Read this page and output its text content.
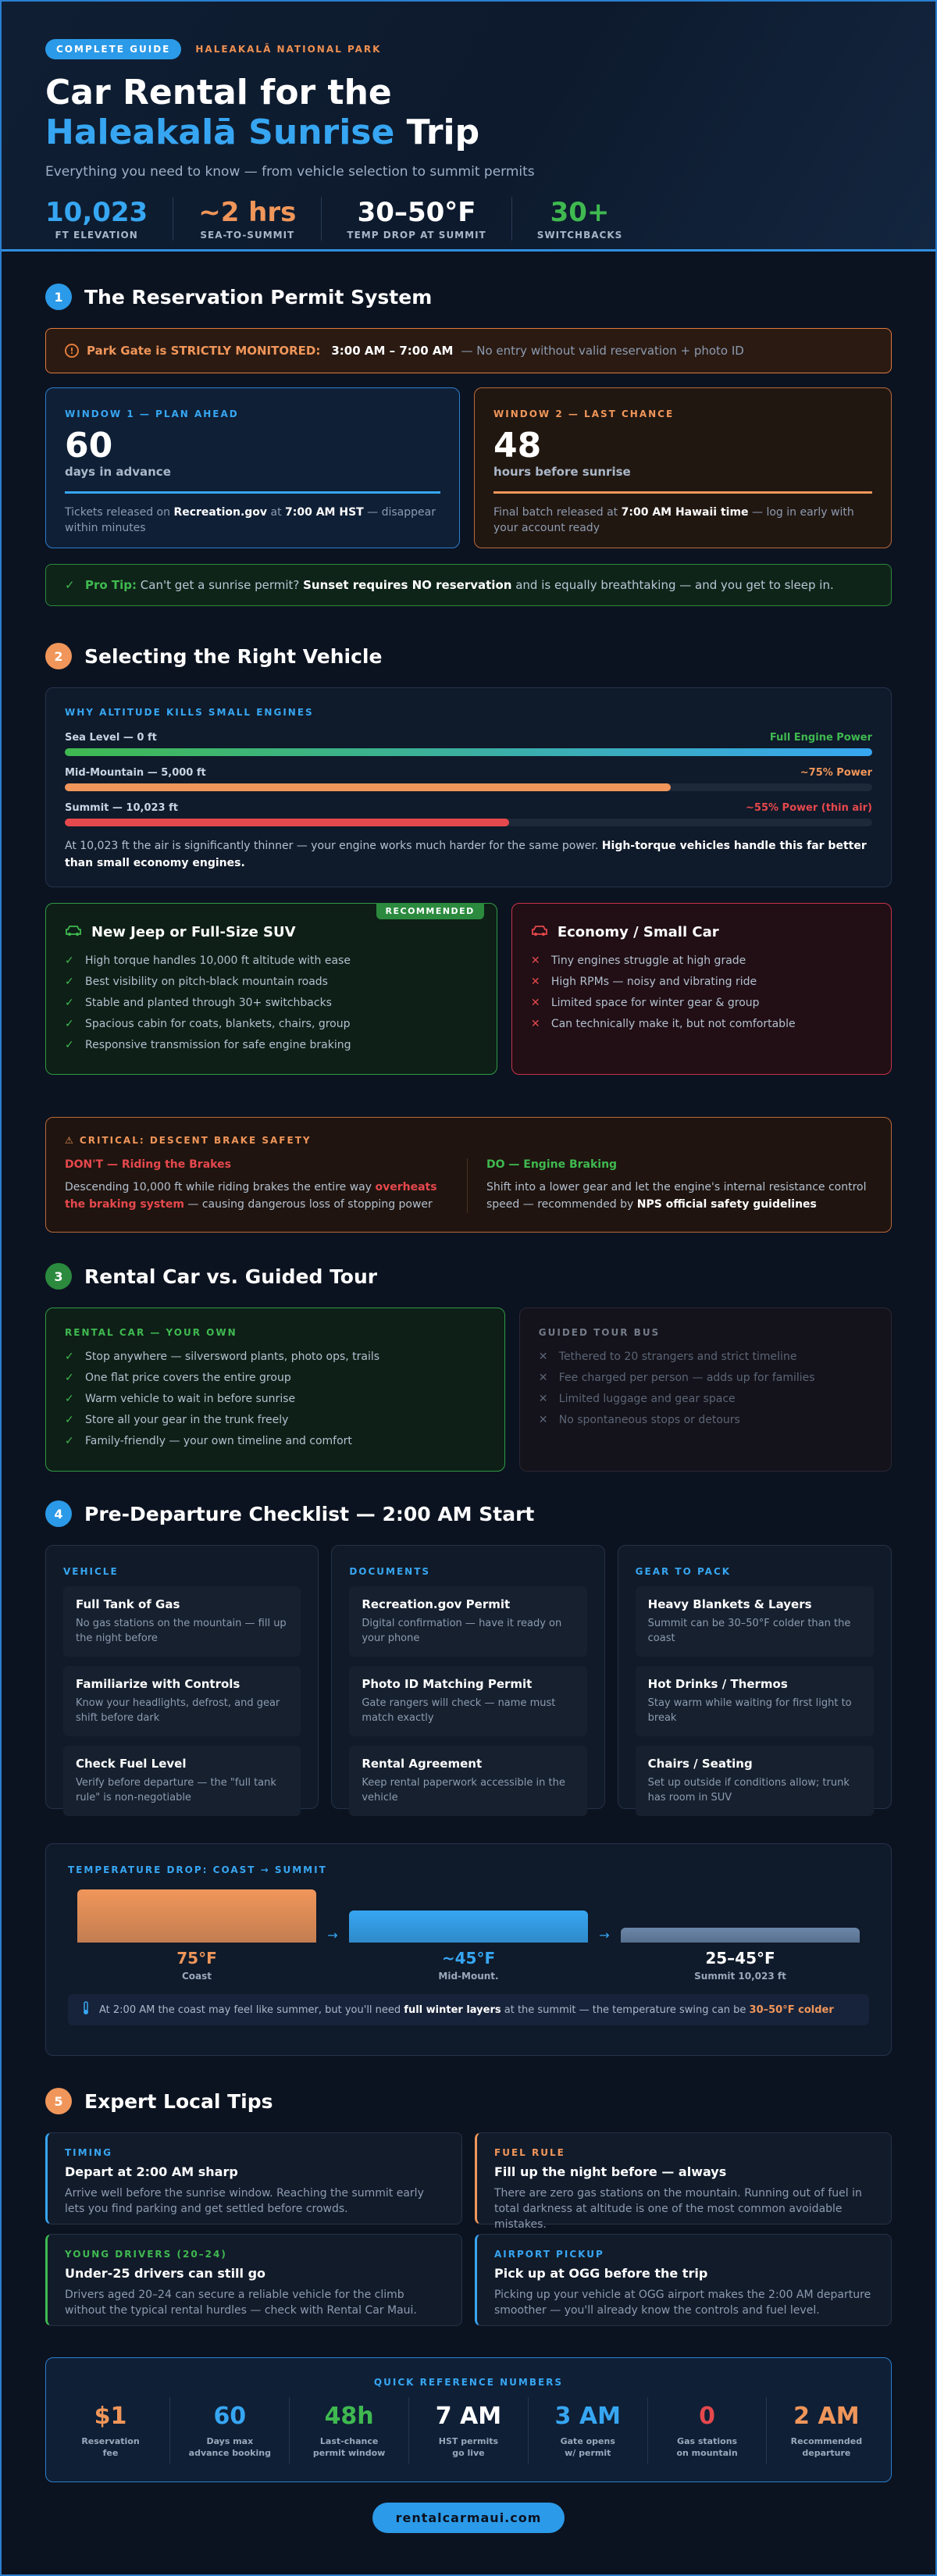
COMPLETE GUIDE	HALEAKALĀ NATIONAL PARK
Car Rental for the
Haleakalā Sunrise Trip
Everything you need to know — from vehicle selection to summit permits
10,023
FT ELEVATION
~2 hrs
SEA-TO-SUMMIT
30–50°F
TEMP DROP AT SUMMIT
30+
SWITCHBACKS
1	The Reservation Permit System
!	Park Gate is STRICTLY MONITORED: 3:00 AM – 7:00 AM — No entry without valid reservation + photo ID
WINDOW 1 — PLAN AHEAD
60
days in advance
Tickets released on Recreation.gov at 7:00 AM HST — disappear within minutes
WINDOW 2 — LAST CHANCE
48
hours before sunrise
Final batch released at 7:00 AM Hawaii time — log in early with your account ready
✓ Pro Tip: Can't get a sunrise permit? Sunset requires NO reservation and is equally breathtaking — and you get to sleep in.
2	Selecting the Right Vehicle
WHY ALTITUDE KILLS SMALL ENGINES
Sea Level — 0 ft	Full Engine Power
Mid-Mountain — 5,000 ft	~75% Power
Summit — 10,023 ft	~55% Power (thin air)
At 10,023 ft the air is significantly thinner — your engine works much harder for the same power. High-torque vehicles handle this far better than small economy engines.
RECOMMENDED
New Jeep or Full-Size SUV
✓ High torque handles 10,000 ft altitude with ease
✓ Best visibility on pitch-black mountain roads
✓ Stable and planted through 30+ switchbacks
✓ Spacious cabin for coats, blankets, chairs, group
✓ Responsive transmission for safe engine braking
Economy / Small Car
✕ Tiny engines struggle at high grade
✕ High RPMs — noisy and vibrating ride
✕ Limited space for winter gear & group
✕ Can technically make it, but not comfortable
⚠ CRITICAL: DESCENT BRAKE SAFETY
DON'T — Riding the Brakes
Descending 10,000 ft while riding brakes the entire way overheats the braking system — causing dangerous loss of stopping power
DO — Engine Braking
Shift into a lower gear and let the engine's internal resistance control speed — recommended by NPS official safety guidelines
3	Rental Car vs. Guided Tour
RENTAL CAR — YOUR OWN
✓ Stop anywhere — silversword plants, photo ops, trails
✓ One flat price covers the entire group
✓ Warm vehicle to wait in before sunrise
✓ Store all your gear in the trunk freely
✓ Family-friendly — your own timeline and comfort
GUIDED TOUR BUS
✕ Tethered to 20 strangers and strict timeline
✕ Fee charged per person — adds up for families
✕ Limited luggage and gear space
✕ No spontaneous stops or detours
4	Pre-Departure Checklist — 2:00 AM Start
VEHICLE
Full Tank of Gas
No gas stations on the mountain — fill up the night before
Familiarize with Controls
Know your headlights, defrost, and gear shift before dark
Check Fuel Level
Verify before departure — the "full tank rule" is non-negotiable
DOCUMENTS
Recreation.gov Permit
Digital confirmation — have it ready on your phone
Photo ID Matching Permit
Gate rangers will check — name must match exactly
Rental Agreement
Keep rental paperwork accessible in the vehicle
GEAR TO PACK
Heavy Blankets & Layers
Summit can be 30–50°F colder than the coast
Hot Drinks / Thermos
Stay warm while waiting for first light to break
Chairs / Seating
Set up outside if conditions allow; trunk has room in SUV
TEMPERATURE DROP: COAST → SUMMIT
→	→
75°F
Coast
~45°F
Mid-Mount.
25–45°F
Summit 10,023 ft
At 2:00 AM the coast may feel like summer, but you'll need full winter layers at the summit — the temperature swing can be 30–50°F colder
5	Expert Local Tips
TIMING
Depart at 2:00 AM sharp
Arrive well before the sunrise window. Reaching the summit early lets you find parking and get settled before crowds.
FUEL RULE
Fill up the night before — always
There are zero gas stations on the mountain. Running out of fuel in total darkness at altitude is one of the most common avoidable mistakes.
YOUNG DRIVERS (20–24)
Under-25 drivers can still go
Drivers aged 20–24 can secure a reliable vehicle for the climb without the typical rental hurdles — check with Rental Car Maui.
AIRPORT PICKUP
Pick up at OGG before the trip
Picking up your vehicle at OGG airport makes the 2:00 AM departure smoother — you'll already know the controls and fuel level.
QUICK REFERENCE NUMBERS
$1
Reservation
fee
60
Days max
advance booking
48h
Last-chance
permit window
7 AM
HST permits
go live
3 AM
Gate opens
w/ permit
0
Gas stations
on mountain
2 AM
Recommended
departure
rentalcarmaui.com
